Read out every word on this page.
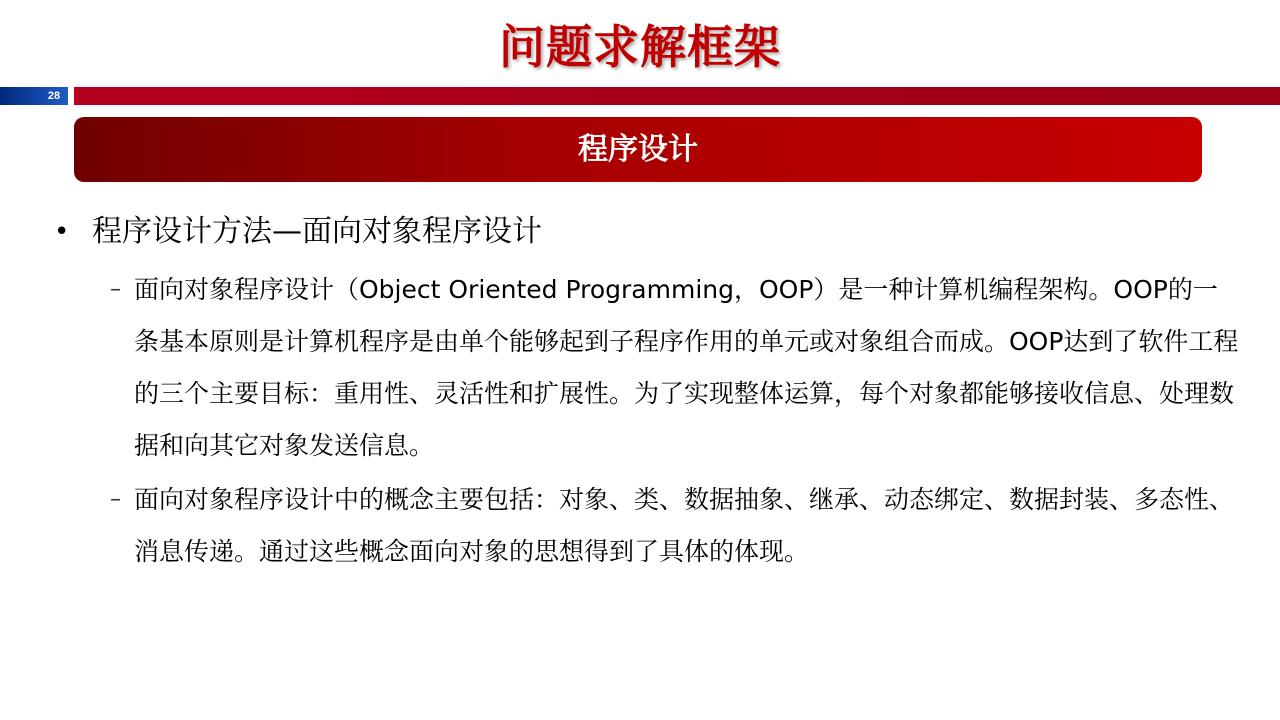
问题求解框架
28
程序设计
• 程序设计方法—面向对象程序设计
– 面向对象程序设计（Object Oriented Programming，OOP）是一种计算机编程架构。OOP的一条基本原则是计算机程序是由单个能够起到子程序作用的单元或对象组合而成。OOP达到了软件工程的三个主要目标：重用性、灵活性和扩展性。为了实现整体运算，每个对象都能够接收信息、处理数据和向其它对象发送信息。
– 面向对象程序设计中的概念主要包括：对象、类、数据抽象、继承、动态绑定、数据封装、多态性、消息传递。通过这些概念面向对象的思想得到了具体的体现。
